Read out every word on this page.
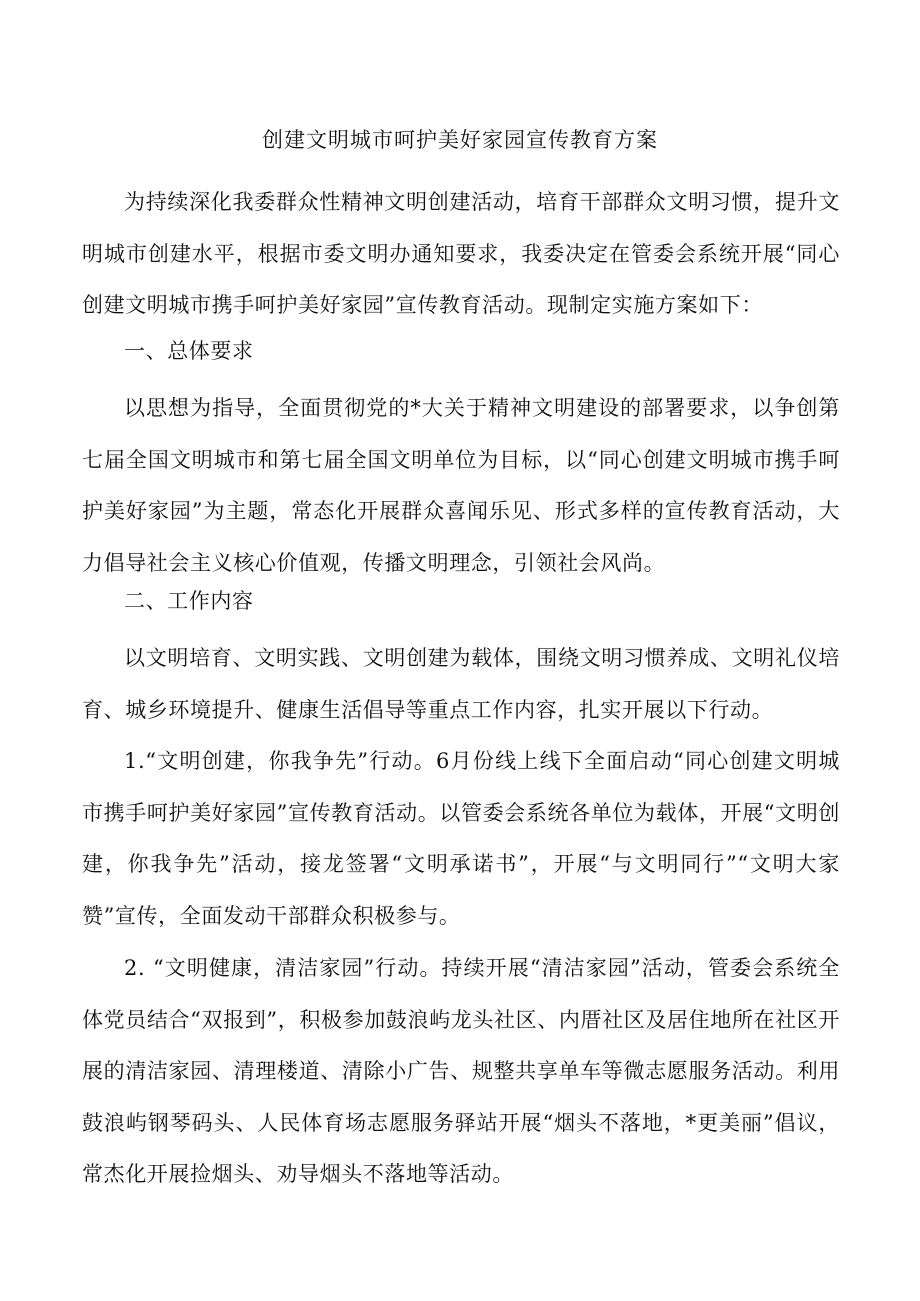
创建文明城市呵护美好家园宣传教育方案

为持续深化我委群众性精神文明创建活动，培育干部群众文明习惯，提升文明城市创建水平，根据市委文明办通知要求，我委决定在管委会系统开展“同心创建文明城市携手呵护美好家园”宣传教育活动。现制定实施方案如下：

一、总体要求

以思想为指导，全面贯彻党的*大关于精神文明建设的部署要求，以争创第七届全国文明城市和第七届全国文明单位为目标，以“同心创建文明城市携手呵护美好家园”为主题，常态化开展群众喜闻乐见、形式多样的宣传教育活动，大力倡导社会主义核心价值观，传播文明理念，引领社会风尚。

二、工作内容

以文明培育、文明实践、文明创建为载体，围绕文明习惯养成、文明礼仪培育、城乡环境提升、健康生活倡导等重点工作内容，扎实开展以下行动。

1.“文明创建，你我争先”行动。6月份线上线下全面启动“同心创建文明城市携手呵护美好家园”宣传教育活动。以管委会系统各单位为载体，开展“文明创建，你我争先”活动，接龙签署“文明承诺书”，开展“与文明同行”“文明大家赞”宣传，全面发动干部群众积极参与。

2. “文明健康，清洁家园”行动。持续开展“清洁家园”活动，管委会系统全体党员结合“双报到”，积极参加鼓浪屿龙头社区、内厝社区及居住地所在社区开展的清洁家园、清理楼道、清除小广告、规整共享单车等微志愿服务活动。利用鼓浪屿钢琴码头、人民体育场志愿服务驿站开展“烟头不落地，*更美丽”倡议，常杰化开展捡烟头、劝导烟头不落地等活动。
